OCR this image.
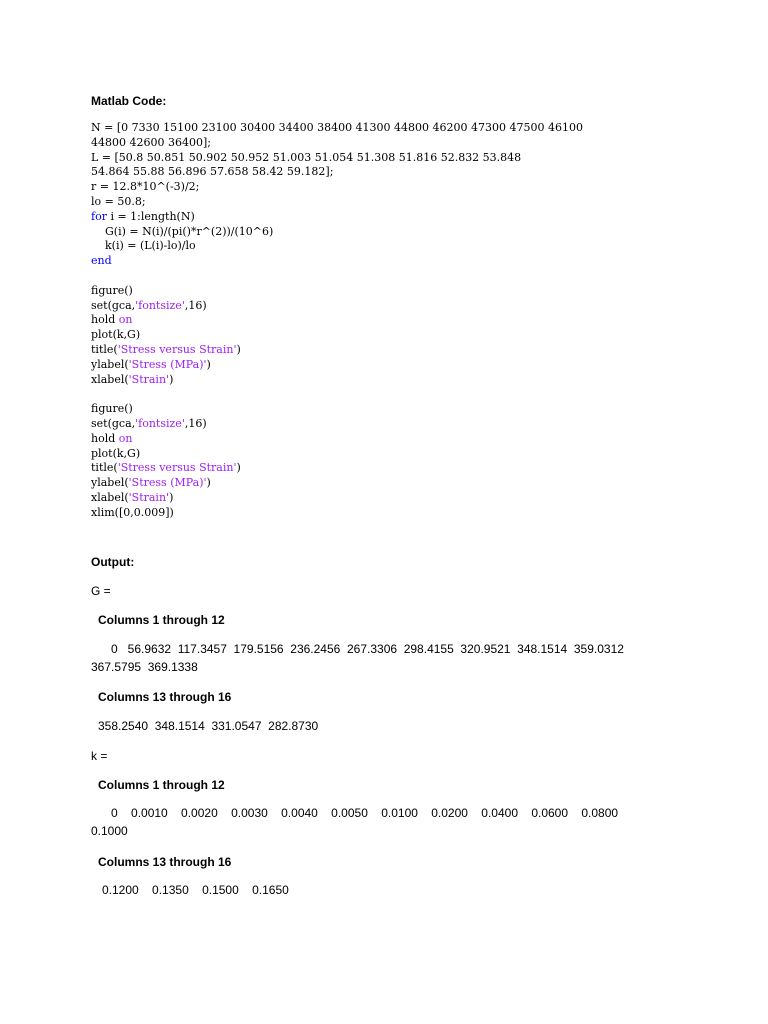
Matlab Code:

N = [0 7330 15100 23100 30400 34400 38400 41300 44800 46200 47300 47500 46100
44800 42600 36400];
L = [50.8 50.851 50.902 50.952 51.003 51.054 51.308 51.816 52.832 53.848
54.864 55.88 56.896 57.658 58.42 59.182];
r = 12.8*10^(-3)/2;
lo = 50.8;
for i = 1:length(N)
G(i) = N(i)/(pi()*r^(2))/(10^6)
k(i) = (L(i)-lo)/lo
end

figure()
set(gca,'fontsize',16)
hold on
plot(k,G)
title('Stress versus Strain')
ylabel('Stress (MPa)')
xlabel('Strain')

figure()
set(gca,'fontsize',16)
hold on
plot(k,G)
title('Stress versus Strain')
ylabel('Stress (MPa)')
xlabel('Strain')
xlim([0,0.009])

Output:

G =

Columns 1 through 12

0   56.9632  117.3457  179.5156  236.2456  267.3306  298.4155  320.9521  348.1514  359.0312

367.5795  369.1338

Columns 13 through 16

358.2540  348.1514  331.0547  282.8730

k =

Columns 1 through 12

0    0.0010    0.0020    0.0030    0.0040    0.0050    0.0100    0.0200    0.0400    0.0600    0.0800

0.1000

Columns 13 through 16

0.1200    0.1350    0.1500    0.1650
